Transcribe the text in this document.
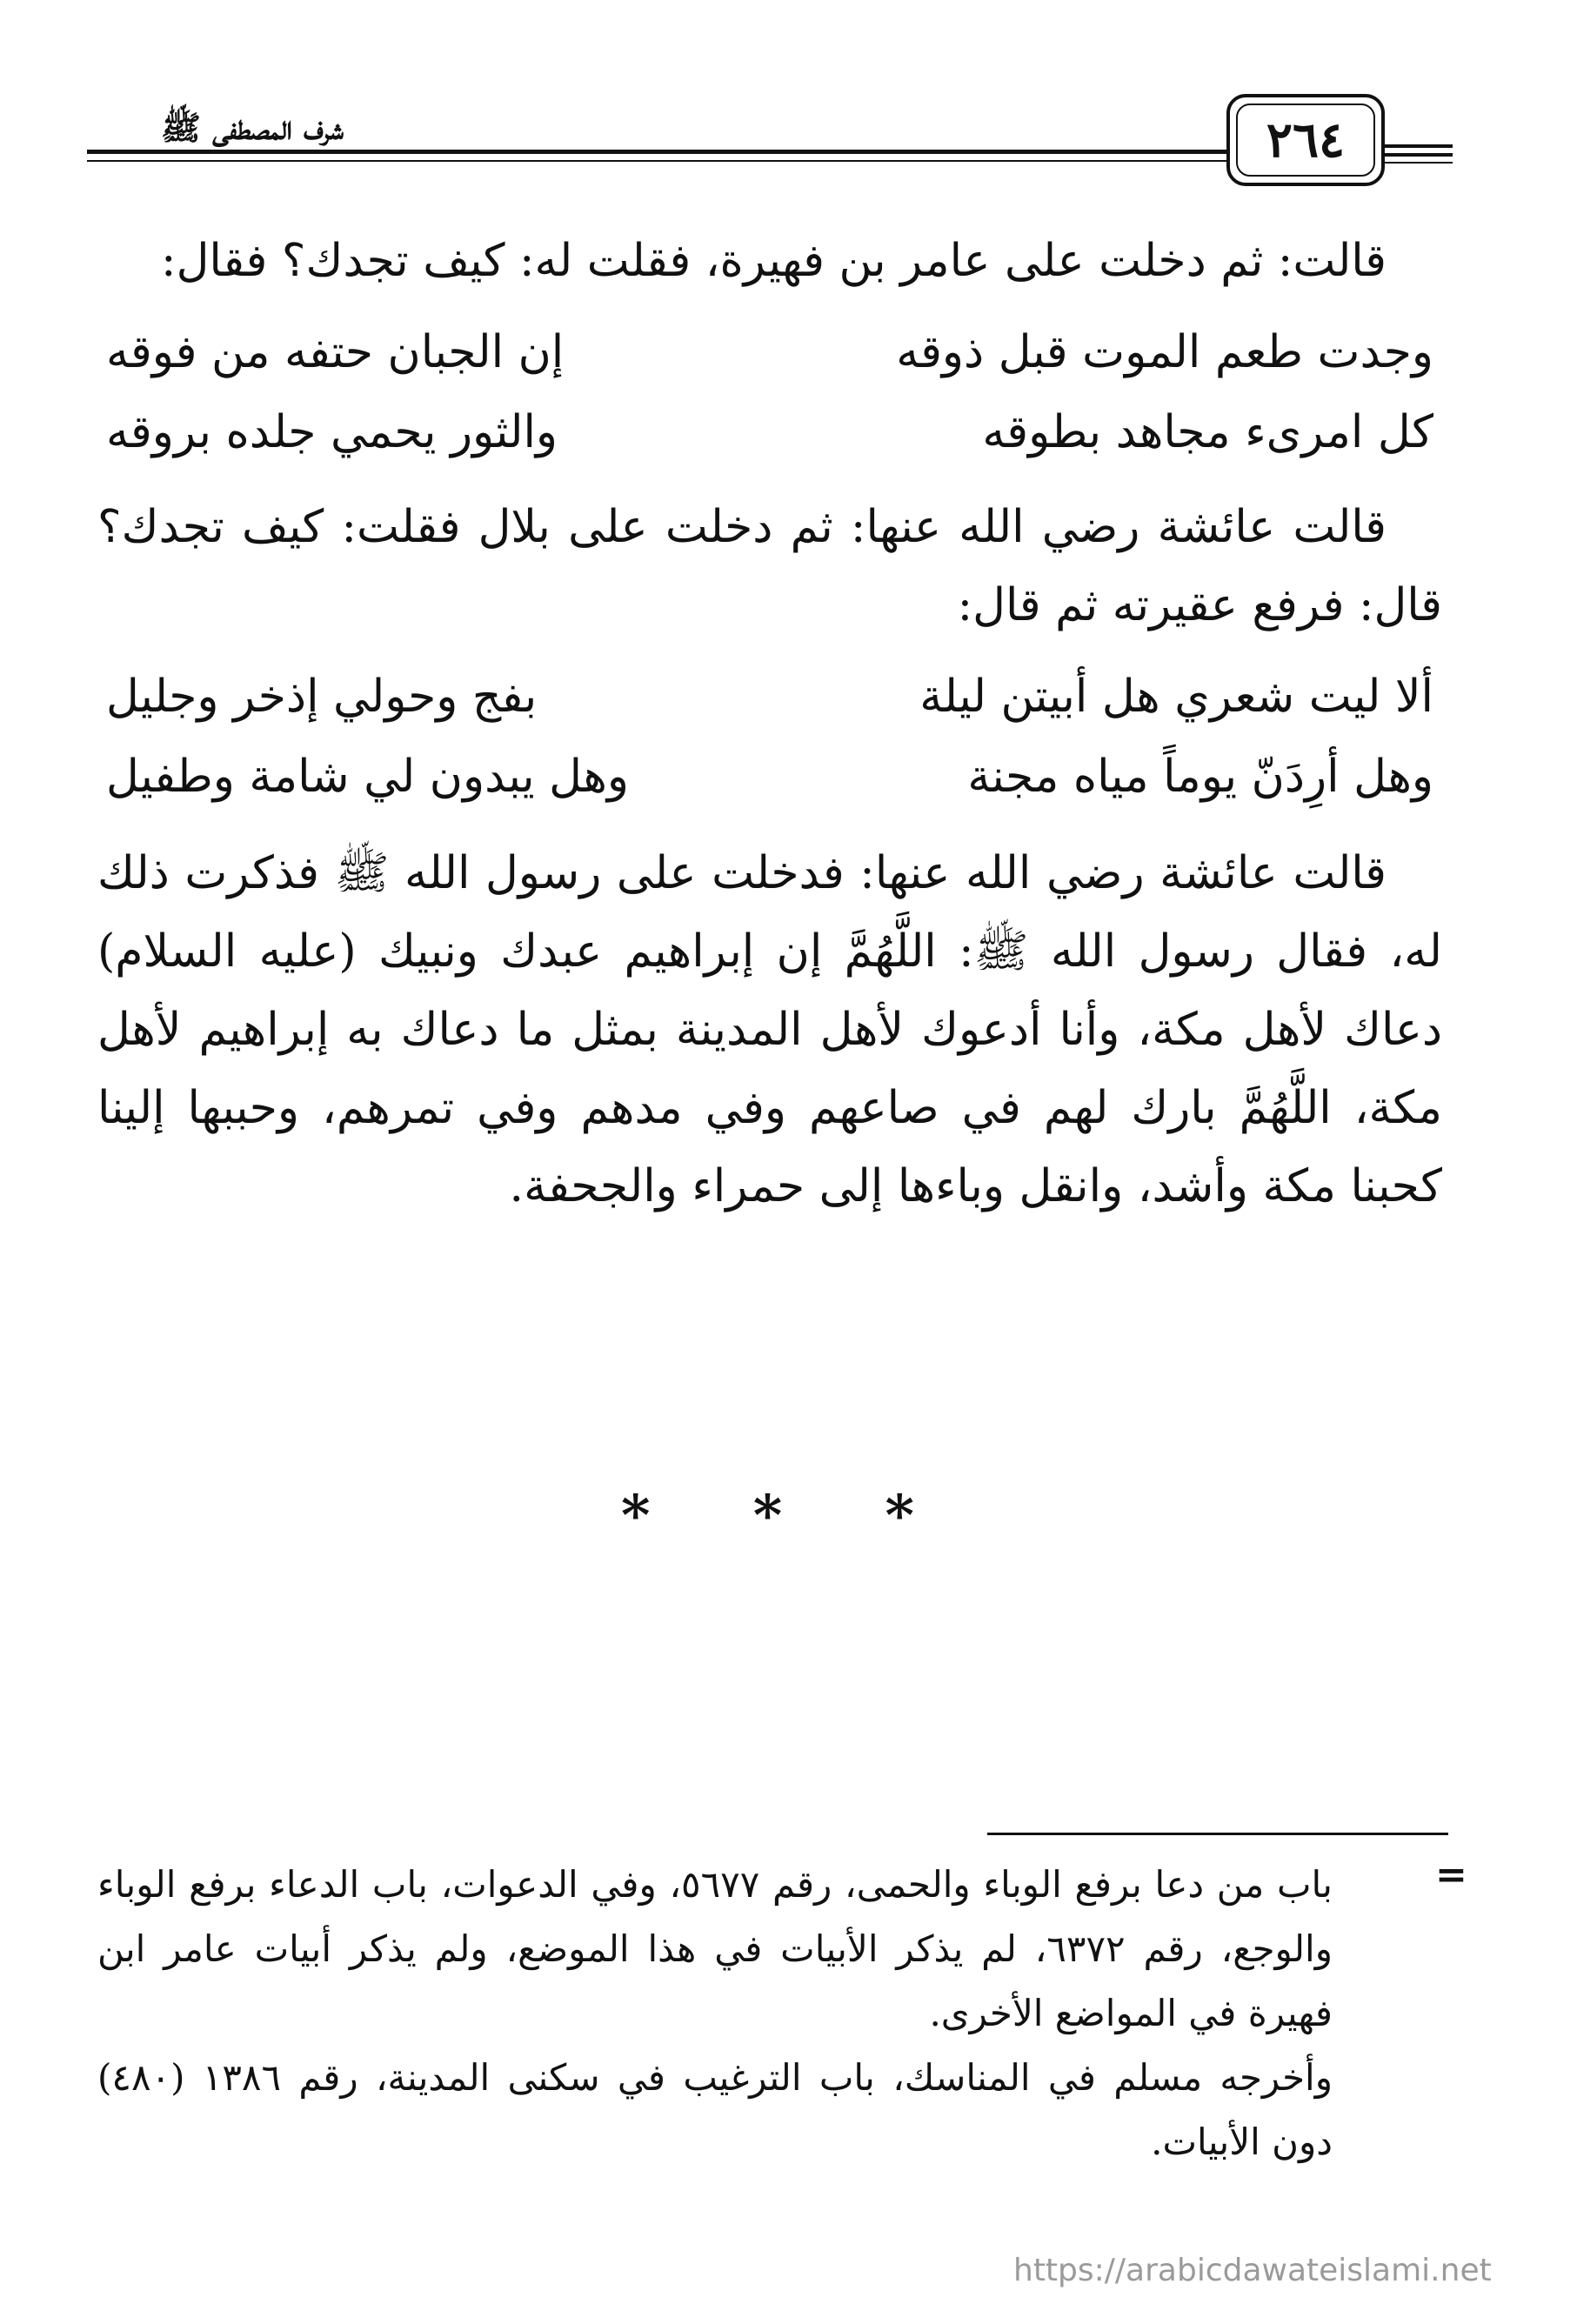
شرف المصطفى ﷺ	٢٦٤

قالت: ثم دخلت على عامر بن فهيرة، فقلت له: كيف تجدك؟ فقال:

وجدت طعم الموت قبل ذوقه
إن الجبان حتفه من فوقه
كل امرىء مجاهد بطوقه
والثور يحمي جلده بروقه

قالت عائشة رضي الله عنها: ثم دخلت على بلال فقلت: كيف تجدك؟ قال: فرفع عقيرته ثم قال:

ألا ليت شعري هل أبيتن ليلة
بفج وحولي إذخر وجليل
وهل أرِدَنّ يوماً مياه مجنة
وهل يبدون لي شامة وطفيل

قالت عائشة رضي الله عنها: فدخلت على رسول الله ﷺ فذكرت ذلك له، فقال رسول الله ﷺ: اللَّهُمَّ إن إبراهيم عبدك ونبيك (عليه السلام) دعاك لأهل مكة، وأنا أدعوك لأهل المدينة بمثل ما دعاك به إبراهيم لأهل مكة، اللَّهُمَّ بارك لهم في صاعهم وفي مدهم وفي تمرهم، وحببها إلينا كحبنا مكة وأشد، وانقل وباءها إلى حمراء والجحفة.

* * *
=

باب من دعا برفع الوباء والحمى، رقم ٥٦٧٧، وفي الدعوات، باب الدعاء برفع الوباء والوجع، رقم ٦٣٧٢، لم يذكر الأبيات في هذا الموضع، ولم يذكر أبيات عامر ابن فهيرة في المواضع الأخرى.

وأخرجه مسلم في المناسك، باب الترغيب في سكنى المدينة، رقم ١٣٨٦ (٤٨٠) دون الأبيات.

https://arabicdawateislami.net
